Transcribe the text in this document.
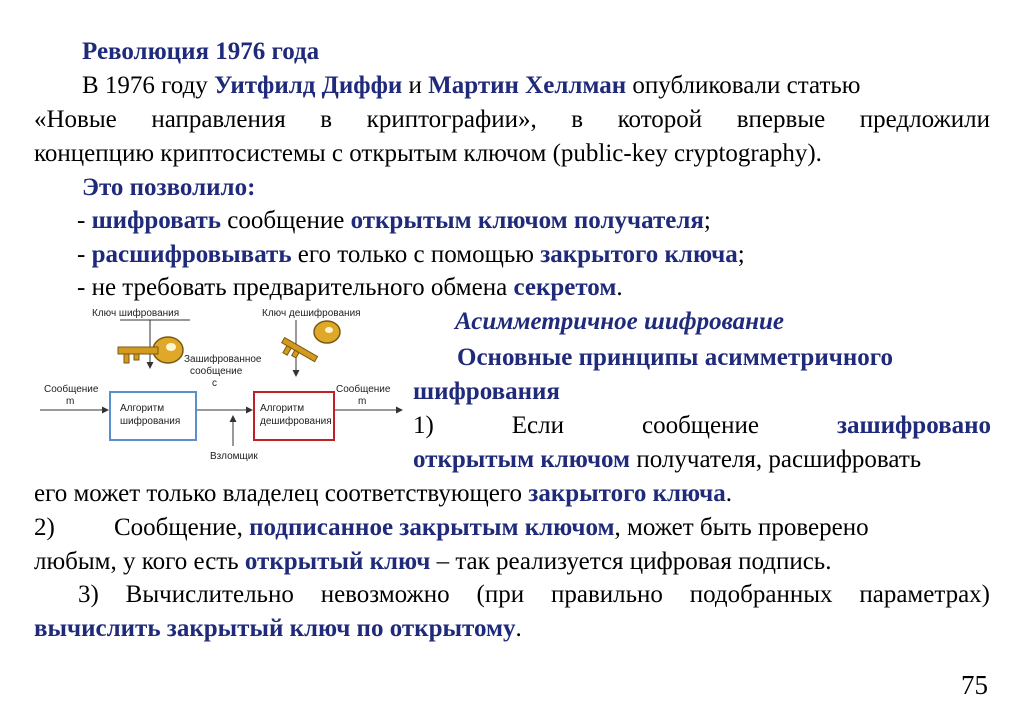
Революция 1976 года
В 1976 году Уитфилд Диффи и Мартин Хеллман опубликовали статью
«Новые направления в криптографии», в которой впервые предложили
концепцию криптосистемы с открытым ключом (public-key cryptography).
Это позволило:
- шифровать сообщение открытым ключом получателя;
- расшифровывать его только с помощью закрытого ключа;
- не требовать предварительного обмена секретом.
Ключ шифрования	Ключ дешифрования
Зашифрованное
сообщение
c
Сообщение
m
Сообщение
m
Алгоритм
шифрования
Алгоритм
дешифрования
Взломщик
Асимметричное шифрование
Основные принципы асимметричного
шифрования
1)	Если	сообщение	зашифровано
открытым ключом получателя, расшифровать
его может только владелец соответствующего закрытого ключа.
2) Сообщение, подписанное закрытым ключом, может быть проверено
любым, у кого есть открытый ключ – так реализуется цифровая подпись.
3) Вычислительно невозможно (при правильно подобранных параметрах)
вычислить закрытый ключ по открытому.
75
